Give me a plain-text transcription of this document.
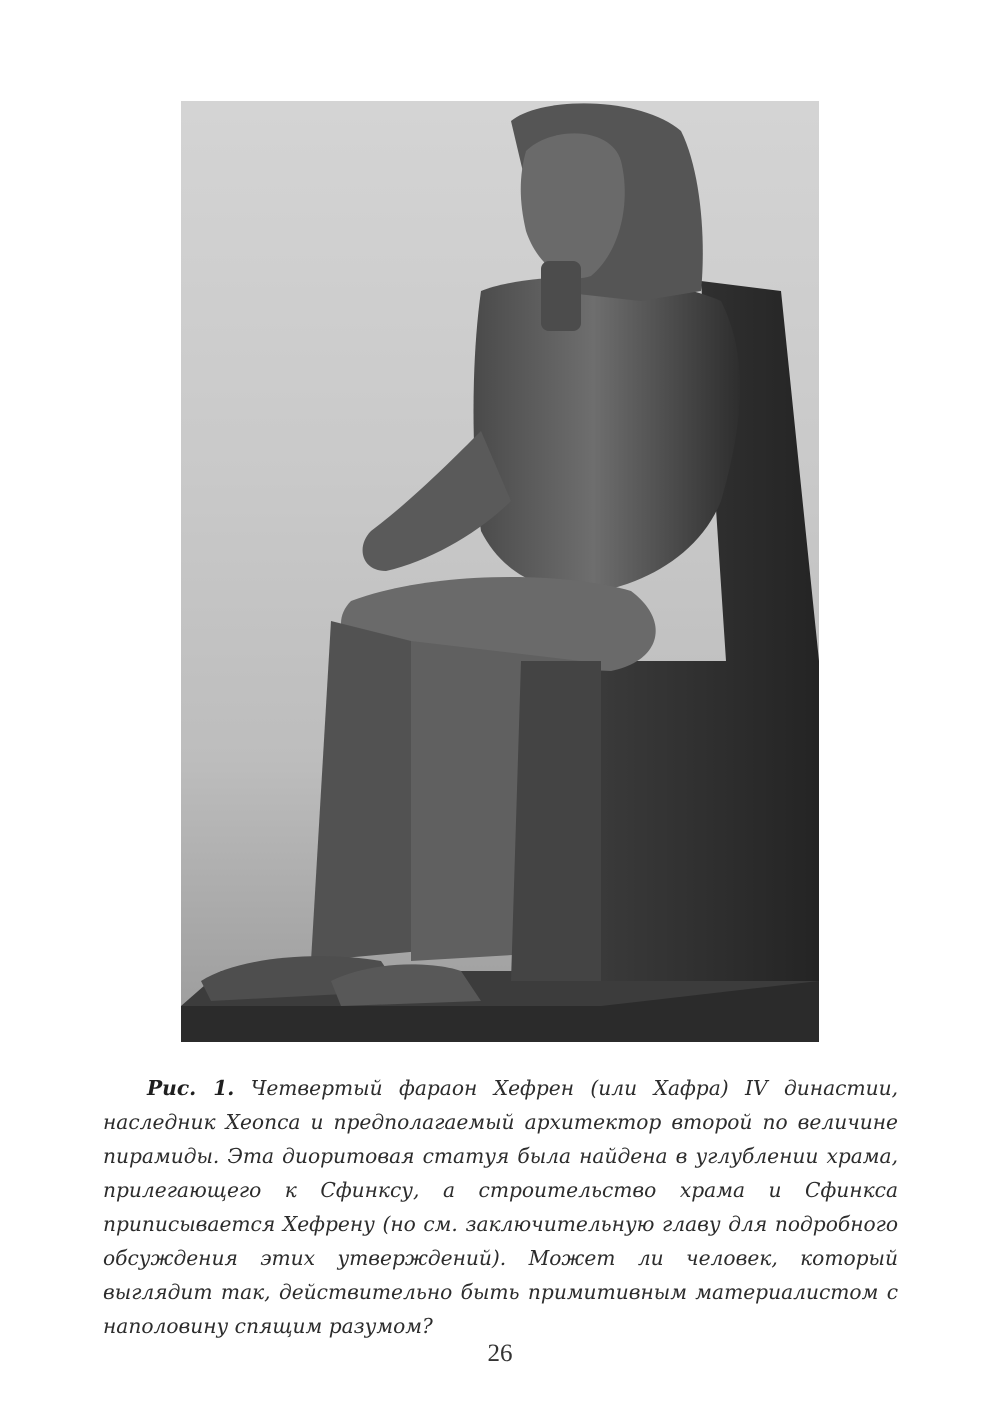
Рис. 1. Четвертый фараон Хефрен (или Хафра) IV династии, наследник Хеопса и предполагаемый архитектор второй по величине пирамиды. Эта диоритовая статуя была найдена в углублении храма, прилегающего к Сфинксу, а строительство храма и Сфинкса приписывается Хефрену (но см. заключительную главу для подробного обсуждения этих утверждений). Может ли человек, который выглядит так, действительно быть примитивным материалистом с наполовину спящим разумом?

26
